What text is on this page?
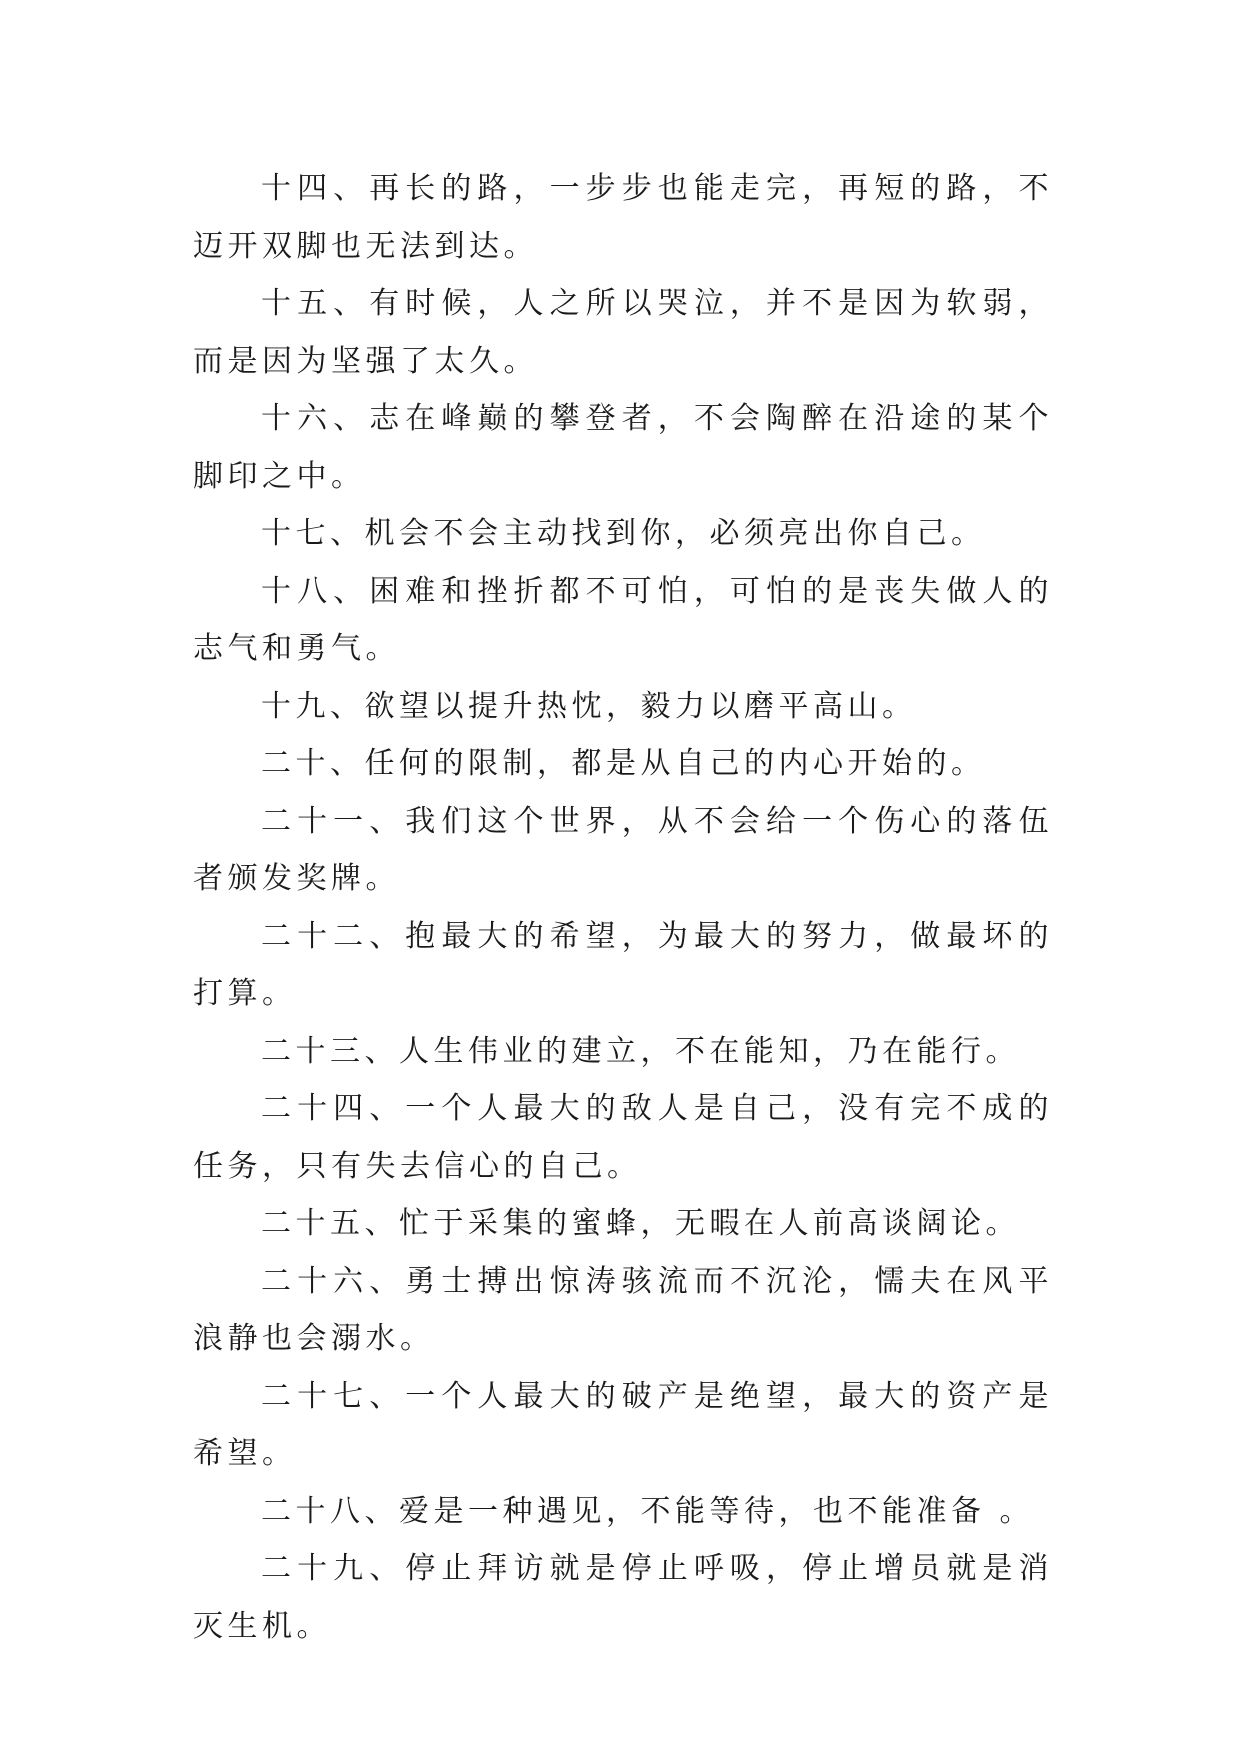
十四、再长的路，一步步也能走完，再短的路，不迈开双脚也无法到达。

十五、有时候，人之所以哭泣，并不是因为软弱，而是因为坚强了太久。

十六、志在峰巅的攀登者，不会陶醉在沿途的某个脚印之中。

十七、机会不会主动找到你，必须亮出你自己。

十八、困难和挫折都不可怕，可怕的是丧失做人的志气和勇气。

十九、欲望以提升热忱，毅力以磨平高山。

二十、任何的限制，都是从自己的内心开始的。

二十一、我们这个世界，从不会给一个伤心的落伍者颁发奖牌。

二十二、抱最大的希望，为最大的努力，做最坏的打算。

二十三、人生伟业的建立，不在能知，乃在能行。

二十四、一个人最大的敌人是自己，没有完不成的任务，只有失去信心的自己。

二十五、忙于采集的蜜蜂，无暇在人前高谈阔论。

二十六、勇士搏出惊涛骇流而不沉沦，懦夫在风平浪静也会溺水。

二十七、一个人最大的破产是绝望，最大的资产是希望。

二十八、爱是一种遇见，不能等待，也不能准备 。

二十九、停止拜访就是停止呼吸，停止增员就是消灭生机。
